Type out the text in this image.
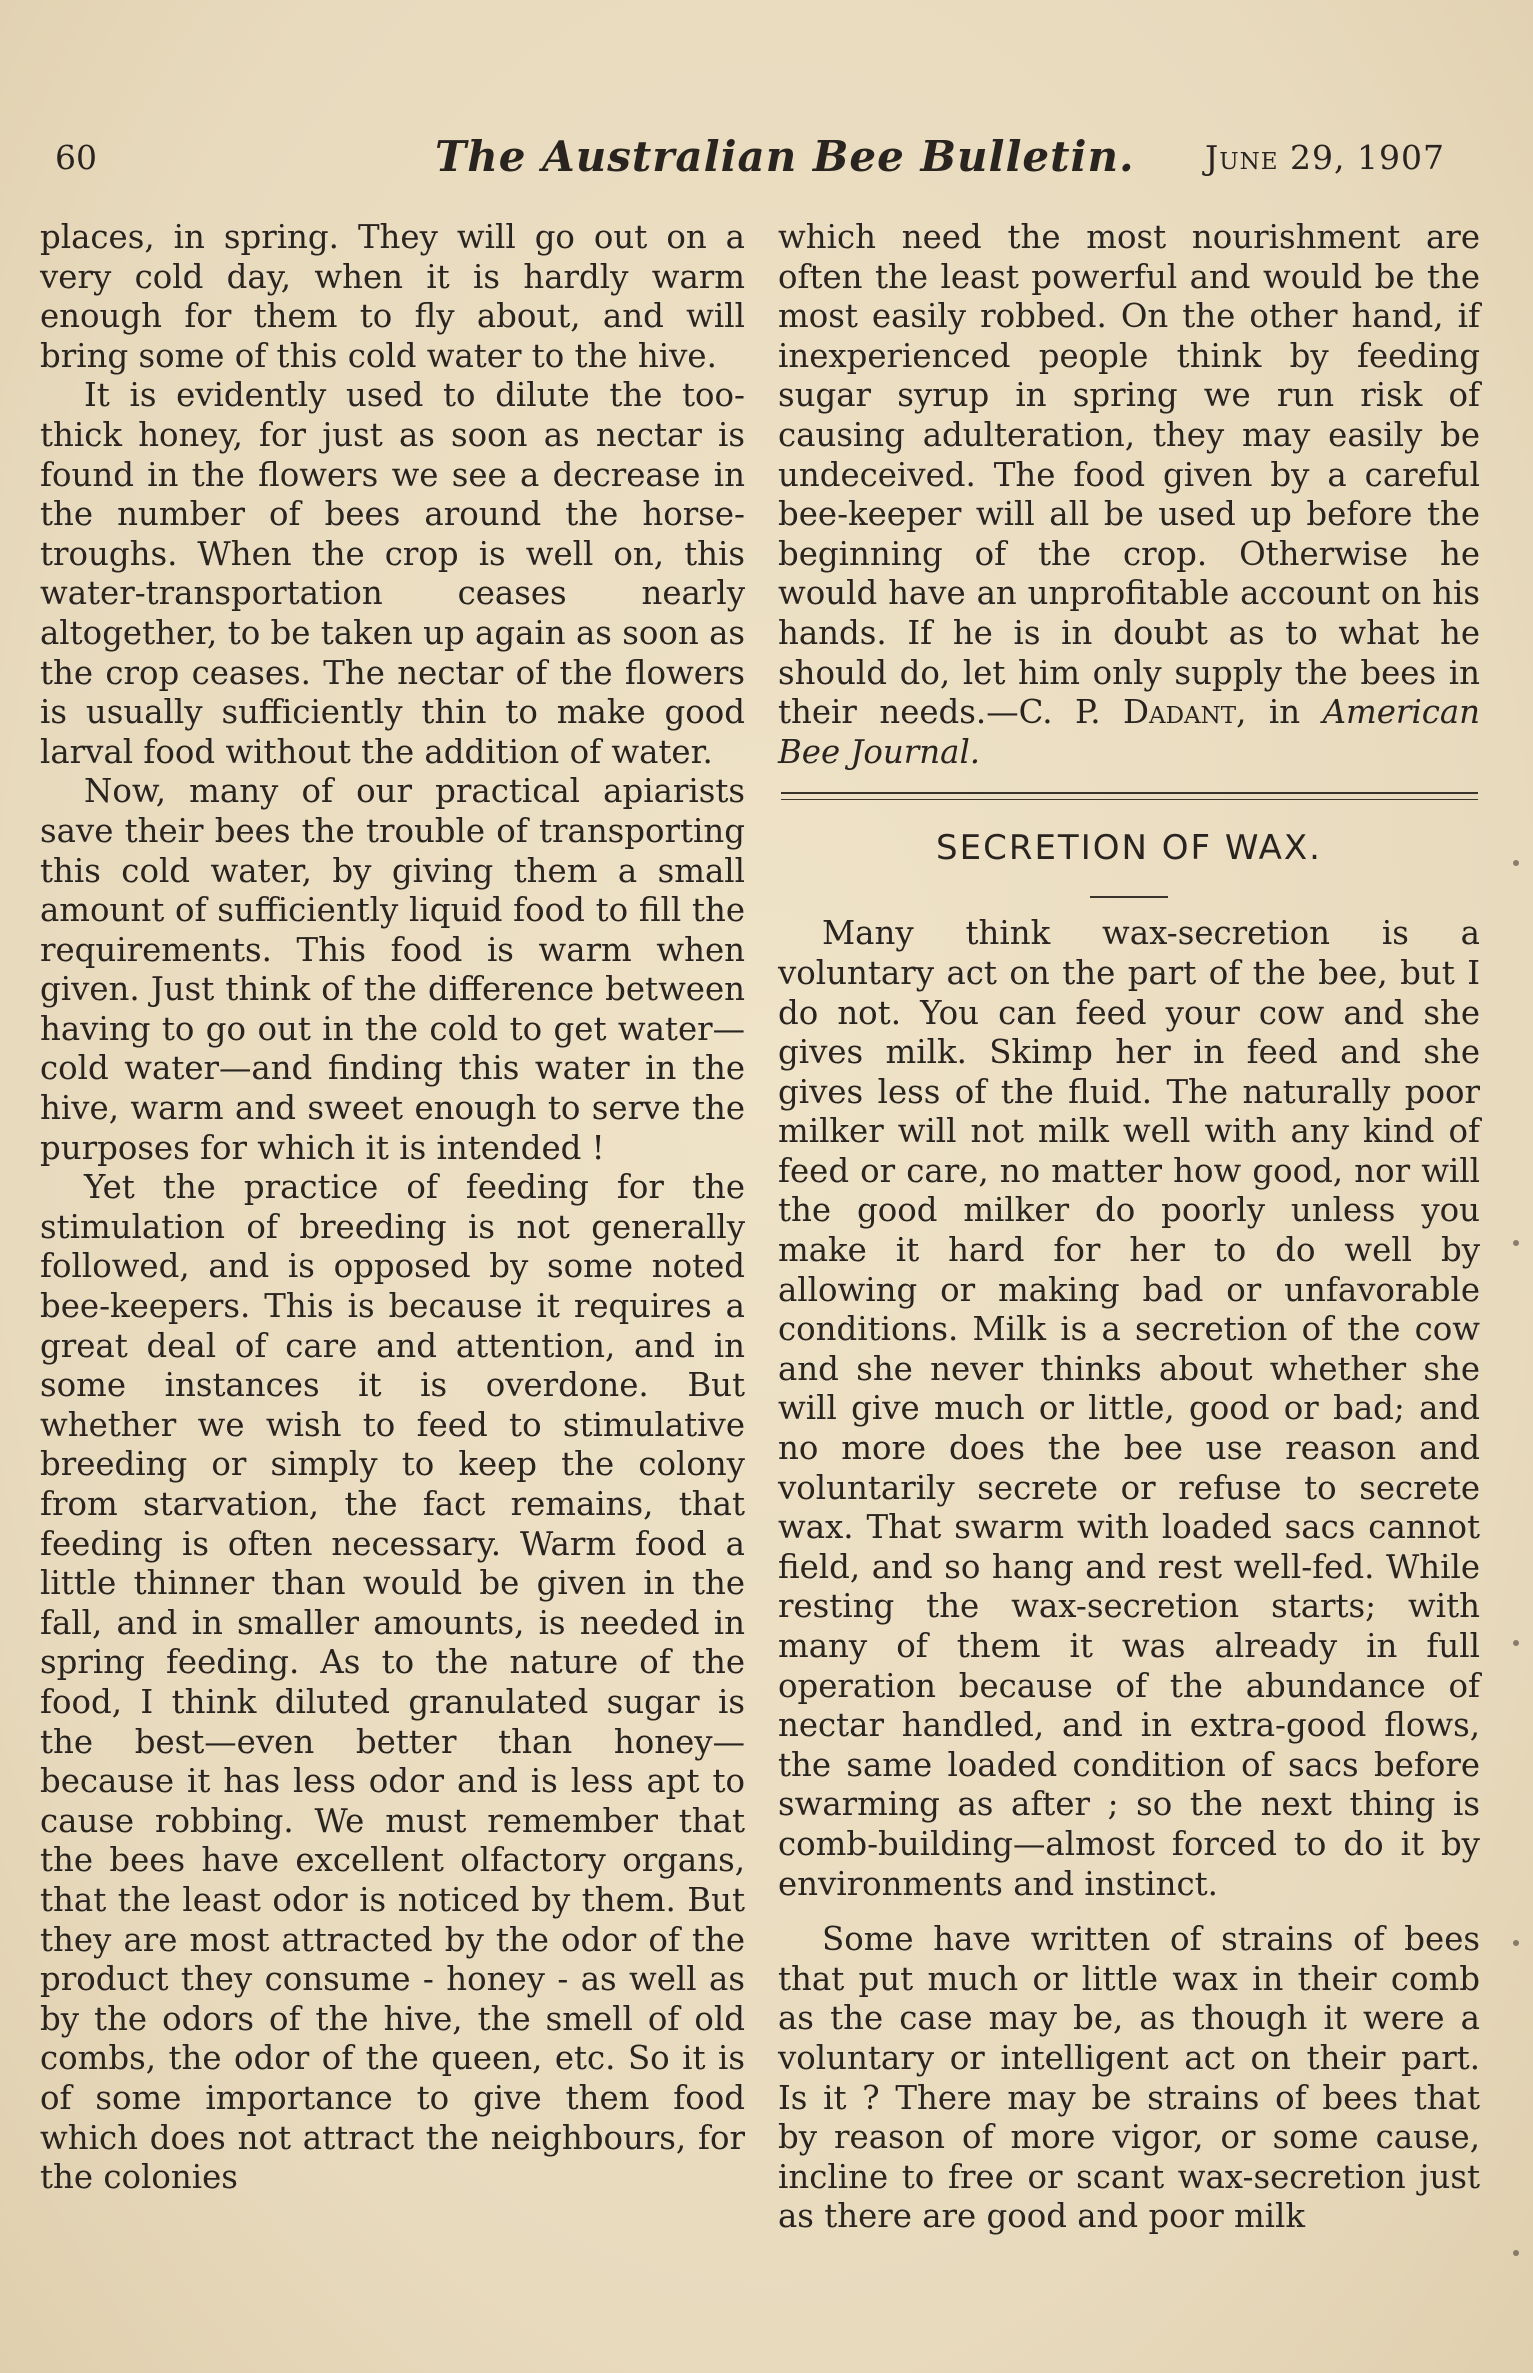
60	The Australian Bee Bulletin. June 29, 1907

places, in spring. They will go out on a very cold day, when it is hardly warm enough for them to fly about, and will bring some of this cold water to the hive.

It is evidently used to dilute the too-thick honey, for just as soon as nectar is found in the flowers we see a decrease in the number of bees around the horse-troughs. When the crop is well on, this water-transportation ceases nearly altogether, to be taken up again as soon as the crop ceases. The nectar of the flowers is usually sufficiently thin to make good larval food without the addition of water.

Now, many of our practical apiarists save their bees the trouble of transporting this cold water, by giving them a small amount of sufficiently liquid food to fill the requirements. This food is warm when given. Just think of the difference between having to go out in the cold to get water—cold water—and finding this water in the hive, warm and sweet enough to serve the purposes for which it is intended !

Yet the practice of feeding for the stimulation of breeding is not generally followed, and is opposed by some noted bee-keepers. This is because it requires a great deal of care and attention, and in some instances it is overdone. But whether we wish to feed to stimulative breeding or simply to keep the colony from starvation, the fact remains, that feeding is often necessary. Warm food a little thinner than would be given in the fall, and in smaller amounts, is needed in spring feeding. As to the nature of the food, I think diluted granulated sugar is the best—even better than honey—because it has less odor and is less apt to cause robbing. We must remember that the bees have excellent olfactory organs, that the least odor is noticed by them. But they are most attracted by the odor of the product they consume - honey - as well as by the odors of the hive, the smell of old combs, the odor of the queen, etc. So it is of some importance to give them food which does not attract the neighbours, for the colonies

which need the most nourishment are often the least powerful and would be the most easily robbed. On the other hand, if inexperienced people think by feeding sugar syrup in spring we run risk of causing adulteration, they may easily be undeceived. The food given by a careful bee-keeper will all be used up before the beginning of the crop. Otherwise he would have an unprofitable account on his hands. If he is in doubt as to what he should do, let him only supply the bees in their needs.—C. P. Dadant, in American Bee Journal.

SECRETION OF WAX.

Many think wax-secretion is a voluntary act on the part of the bee, but I do not. You can feed your cow and she gives milk. Skimp her in feed and she gives less of the fluid. The naturally poor milker will not milk well with any kind of feed or care, no matter how good, nor will the good milker do poorly unless you make it hard for her to do well by allowing or making bad or unfavorable conditions. Milk is a secretion of the cow and she never thinks about whether she will give much or little, good or bad; and no more does the bee use reason and voluntarily secrete or refuse to secrete wax. That swarm with loaded sacs cannot field, and so hang and rest well-fed. While resting the wax-secretion starts; with many of them it was already in full operation because of the abundance of nectar handled, and in extra-good flows, the same loaded condition of sacs before swarming as after ; so the next thing is comb-building—almost forced to do it by environments and instinct.

Some have written of strains of bees that put much or little wax in their comb as the case may be, as though it were a voluntary or intelligent act on their part. Is it ? There may be strains of bees that by reason of more vigor, or some cause, incline to free or scant wax-secretion just as there are good and poor milk
